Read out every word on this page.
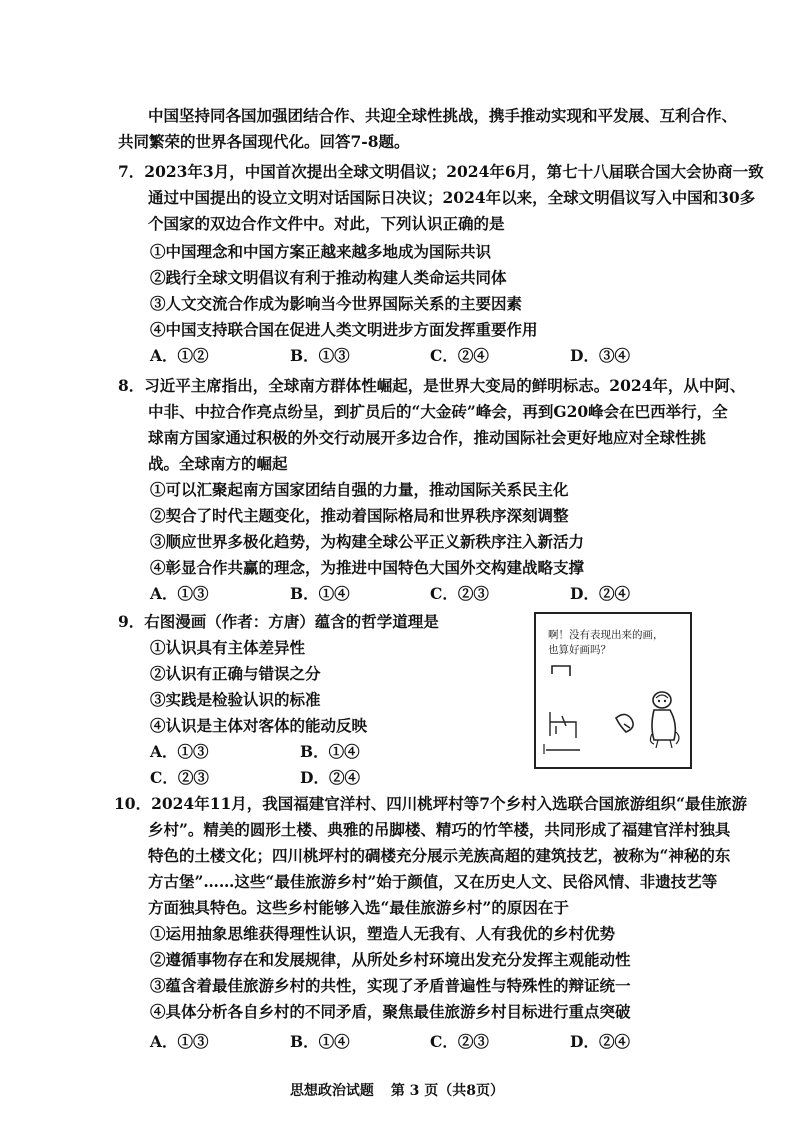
中国坚持同各国加强团结合作、共迎全球性挑战，携手推动实现和平发展、互利合作、
共同繁荣的世界各国现代化。回答7-8题。
7．2023年3月，中国首次提出全球文明倡议；2024年6月，第七十八届联合国大会协商一致
通过中国提出的设立文明对话国际日决议；2024年以来，全球文明倡议写入中国和30多
个国家的双边合作文件中。对此，下列认识正确的是
①中国理念和中国方案正越来越多地成为国际共识
②践行全球文明倡议有利于推动构建人类命运共同体
③人文交流合作成为影响当今世界国际关系的主要因素
④中国支持联合国在促进人类文明进步方面发挥重要作用
A．①②	B．①③	C．②④	D．③④
8．习近平主席指出，全球南方群体性崛起，是世界大变局的鲜明标志。2024年，从中阿、
中非、中拉合作亮点纷呈，到扩员后的“大金砖”峰会，再到G20峰会在巴西举行，全
球南方国家通过积极的外交行动展开多边合作，推动国际社会更好地应对全球性挑
战。全球南方的崛起
①可以汇聚起南方国家团结自强的力量，推动国际关系民主化
②契合了时代主题变化，推动着国际格局和世界秩序深刻调整
③顺应世界多极化趋势，为构建全球公平正义新秩序注入新活力
④彰显合作共赢的理念，为推进中国特色大国外交构建战略支撑
A．①③	B．①④	C．②③	D．②④
9．右图漫画（作者：方唐）蕴含的哲学道理是
①认识具有主体差异性
②认识有正确与错误之分
③实践是检验认识的标准
④认识是主体对客体的能动反映
A．①③	B．①④
C．②③	D．②④
啊！没有表现出来的画，
也算好画吗？
10．2024年11月，我国福建官洋村、四川桃坪村等7个乡村入选联合国旅游组织“最佳旅游
乡村”。精美的圆形土楼、典雅的吊脚楼、精巧的竹竿楼，共同形成了福建官洋村独具
特色的土楼文化；四川桃坪村的碉楼充分展示羌族高超的建筑技艺，被称为“神秘的东
方古堡”……这些“最佳旅游乡村”始于颜值，又在历史人文、民俗风情、非遗技艺等
方面独具特色。这些乡村能够入选“最佳旅游乡村”的原因在于
①运用抽象思维获得理性认识，塑造人无我有、人有我优的乡村优势
②遵循事物存在和发展规律，从所处乡村环境出发充分发挥主观能动性
③蕴含着最佳旅游乡村的共性，实现了矛盾普遍性与特殊性的辩证统一
④具体分析各自乡村的不同矛盾，聚焦最佳旅游乡村目标进行重点突破
A．①③	B．①④	C．②③	D．②④
思想政治试题 第 3 页（共8页）
